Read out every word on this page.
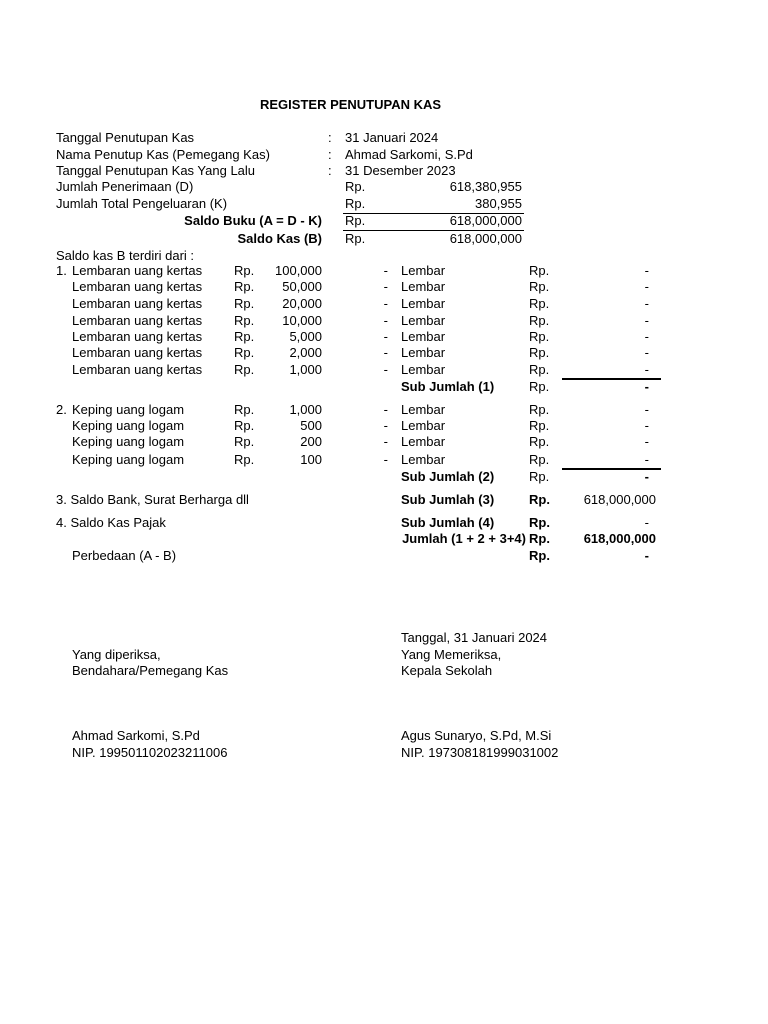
REGISTER PENUTUPAN KAS
Tanggal Penutupan Kas	: 31 Januari 2024
Nama Penutup Kas (Pemegang Kas)	: Ahmad Sarkomi, S.Pd
Tanggal Penutupan Kas Yang Lalu	: 31 Desember 2023
Jumlah Penerimaan (D)	Rp.	618,380,955
Jumlah Total Pengeluaran (K)	Rp.	380,955
Saldo Buku (A = D - K) Rp.	618,000,000
Saldo Kas (B) Rp.	618,000,000
Saldo kas B terdiri dari :
1. Lembaran uang kertas Rp.	100,000	- Lembar	Rp.	-
Lembaran uang kertas Rp.	50,000	- Lembar	Rp.	-
Lembaran uang kertas Rp.	20,000	- Lembar	Rp.	-
Lembaran uang kertas Rp.	10,000	- Lembar	Rp.	-
Lembaran uang kertas Rp.	5,000	- Lembar	Rp.	-
Lembaran uang kertas Rp.	2,000	- Lembar	Rp.	-
Lembaran uang kertas Rp.	1,000	- Lembar	Rp.	-
Sub Jumlah (1)	Rp.	-
2. Keping uang logam	Rp.	1,000	- Lembar	Rp.	-
Keping uang logam	Rp.	500	- Lembar	Rp.	-
Keping uang logam	Rp.	200	- Lembar	Rp.	-
Keping uang logam	Rp.	100	- Lembar	Rp.	-
Sub Jumlah (2)	Rp.	-
3. Saldo Bank, Surat Berharga dll	Sub Jumlah (3)	Rp.	618,000,000
4. Saldo Kas Pajak	Sub Jumlah (4)	Rp.	-
Jumlah (1 + 2 + 3+4) Rp.	618,000,000
Perbedaan (A - B)	Rp.	-
Tanggal, 31 Januari 2024
Yang diperiksa,
Bendahara/Pemegang Kas
Ahmad Sarkomi, S.Pd
NIP. 199501102023211006
Yang Memeriksa,
Kepala Sekolah
Agus Sunaryo, S.Pd, M.Si
NIP. 197308181999031002
